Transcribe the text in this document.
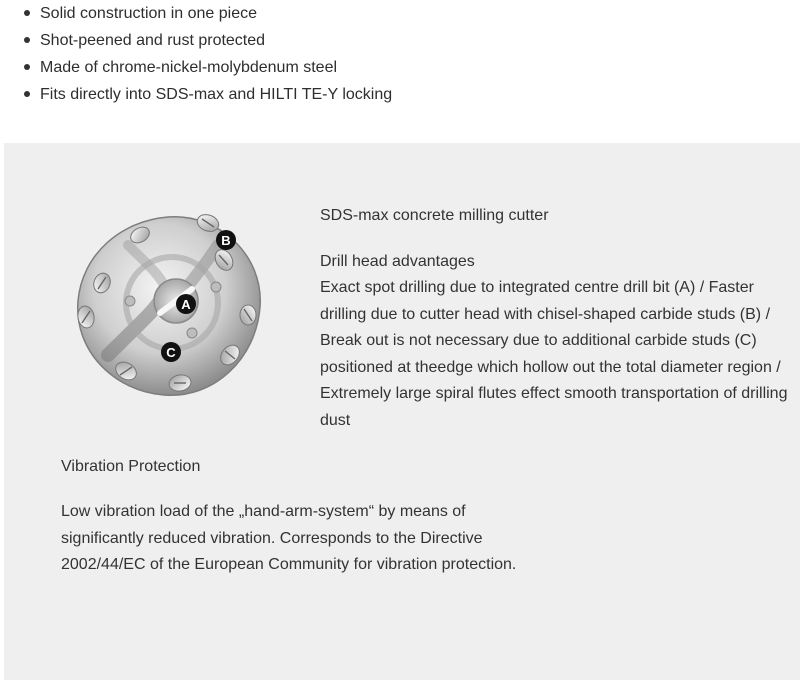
Solid construction in one piece
Shot-peened and rust protected
Made of chrome-nickel-molybdenum steel
Fits directly into SDS-max and HILTI TE-Y locking
A
B
C
SDS-max concrete milling cutter
Drill head advantages
Exact spot drilling due to integrated centre drill bit (A) / Faster drilling due to cutter head with chisel-shaped carbide studs (B) / Break out is not necessary due to additional carbide studs (C) positioned at theedge which hollow out the total diameter region / Extremely large spiral flutes effect smooth transportation of drilling dust
Vibration Protection
Low vibration load of the „hand-arm-system“ by means of significantly reduced vibration. Corresponds to the Directive 2002/44/EC of the European Community for vibration protection.
